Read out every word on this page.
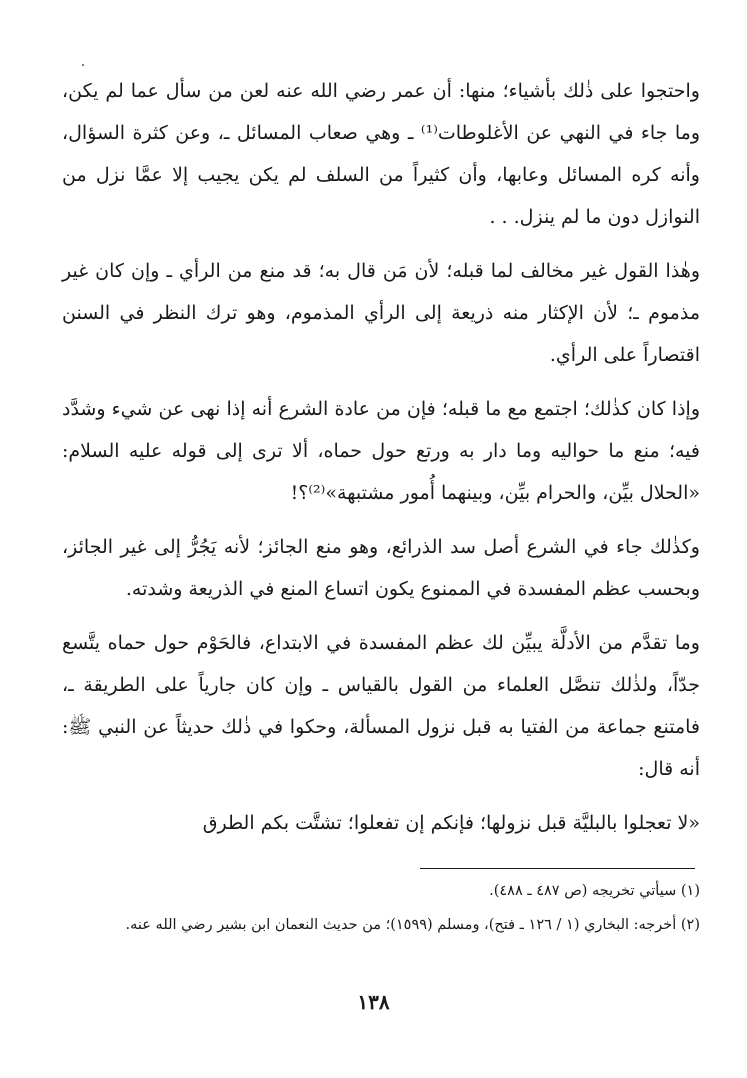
واحتجوا على ذٰلك بأشياء؛ منها: أن عمر رضي الله عنه لعن من سأل عما لم يكن، وما جاء في النهي عن الأغلوطات⁽¹⁾ ـ وهي صعاب المسائل ـ، وعن كثرة السؤال، وأنه كره المسائل وعابها، وأن كثيراً من السلف لم يكن يجيب إلا عمَّا نزل من النوازل دون ما لم ينزل. . .

وهٰذا القول غير مخالف لما قبله؛ لأن مَن قال به؛ قد منع من الرأي ـ وإن كان غير مذموم ـ؛ لأن الإكثار منه ذريعة إلى الرأي المذموم، وهو ترك النظر في السنن اقتصاراً على الرأي.

وإذا كان كذٰلك؛ اجتمع مع ما قبله؛ فإن من عادة الشرع أنه إذا نهى عن شيء وشدَّد فيه؛ منع ما حواليه وما دار به ورتع حول حماه، ألا ترى إلى قوله عليه السلام: «الحلال بيِّن، والحرام بيِّن، وبينهما أُمور مشتبهة»⁽²⁾؟!

وكذٰلك جاء في الشرع أصل سد الذرائع، وهو منع الجائز؛ لأنه يَجُرُّ إلى غير الجائز، وبحسب عظم المفسدة في الممنوع يكون اتساع المنع في الذريعة وشدته.

وما تقدَّم من الأدلَّة يبيِّن لك عظم المفسدة في الابتداع، فالحَوْم حول حماه يتَّسع جدّاً، ولذٰلك تنصَّل العلماء من القول بالقياس ـ وإن كان جارياً على الطريقة ـ، فامتنع جماعة من الفتيا به قبل نزول المسألة، وحكوا في ذٰلك حديثاً عن النبي ﷺ: أنه قال:

«لا تعجلوا بالبليَّة قبل نزولها؛ فإنكم إن تفعلوا؛ تشتَّت بكم الطرق

(١) سيأتي تخريجه (ص ٤٨٧ ـ ٤٨٨).

(٢) أخرجه: البخاري (١ / ١٢٦ ـ فتح)، ومسلم (١٥٩٩)؛ من حديث النعمان ابن بشير رضي الله عنه.

١٣٨
